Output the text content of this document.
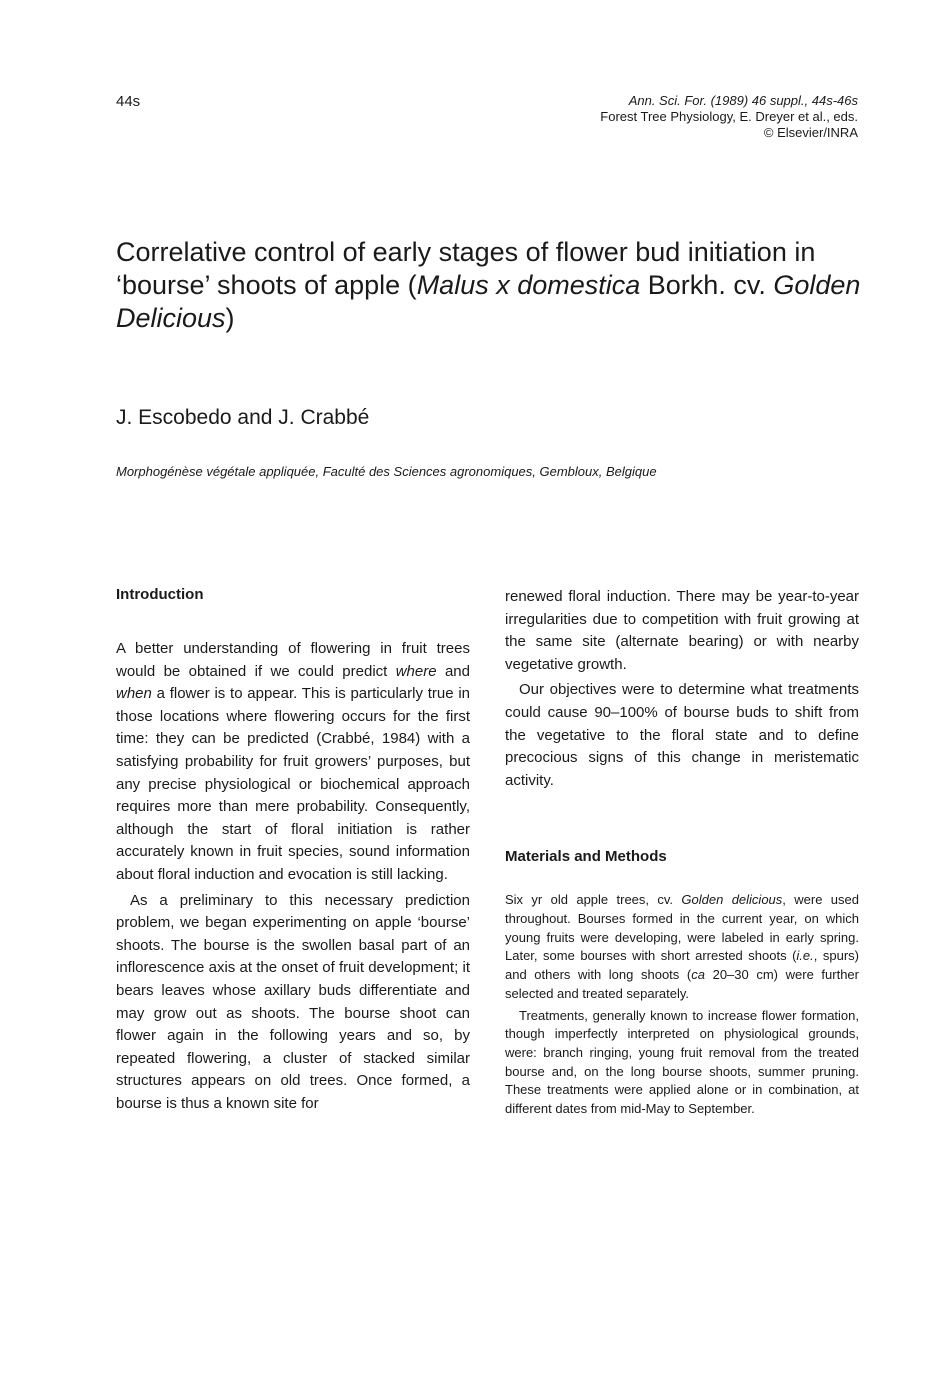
44s	Ann. Sci. For. (1989) 46 suppl., 44s-46s
Forest Tree Physiology, E. Dreyer et al., eds.
© Elsevier/INRA
Correlative control of early stages of flower bud initiation in ‘bourse’ shoots of apple (Malus x domestica Borkh. cv. Golden Delicious)
J. Escobedo and J. Crabbé
Morphogénèse végétale appliquée, Faculté des Sciences agronomiques, Gembloux, Belgique
Introduction

A better understanding of flowering in fruit trees would be obtained if we could predict where and when a flower is to appear. This is particularly true in those locations where flowering occurs for the first time: they can be predicted (Crabbé, 1984) with a satisfying probability for fruit growers’ purposes, but any precise physiological or biochemical approach requires more than mere probability. Consequently, although the start of floral initiation is rather accurately known in fruit species, sound information about floral induction and evocation is still lacking.

As a preliminary to this necessary prediction problem, we began experimenting on apple ‘bourse’ shoots. The bourse is the swollen basal part of an inflorescence axis at the onset of fruit development; it bears leaves whose axillary buds differentiate and may grow out as shoots. The bourse shoot can flower again in the following years and so, by repeated flowering, a cluster of stacked similar structures appears on old trees. Once formed, a bourse is thus a known site for

renewed floral induction. There may be year-to-year irregularities due to competition with fruit growing at the same site (alternate bearing) or with nearby vegetative growth.

Our objectives were to determine what treatments could cause 90–100% of bourse buds to shift from the vegetative to the floral state and to define precocious signs of this change in meristematic activity.

Materials and Methods

Six yr old apple trees, cv. Golden delicious, were used throughout. Bourses formed in the current year, on which young fruits were developing, were labeled in early spring. Later, some bourses with short arrested shoots (i.e., spurs) and others with long shoots (ca 20–30 cm) were further selected and treated separately.

Treatments, generally known to increase flower formation, though imperfectly interpreted on physiological grounds, were: branch ringing, young fruit removal from the treated bourse and, on the long bourse shoots, summer pruning. These treatments were applied alone or in combination, at different dates from mid-May to September.
